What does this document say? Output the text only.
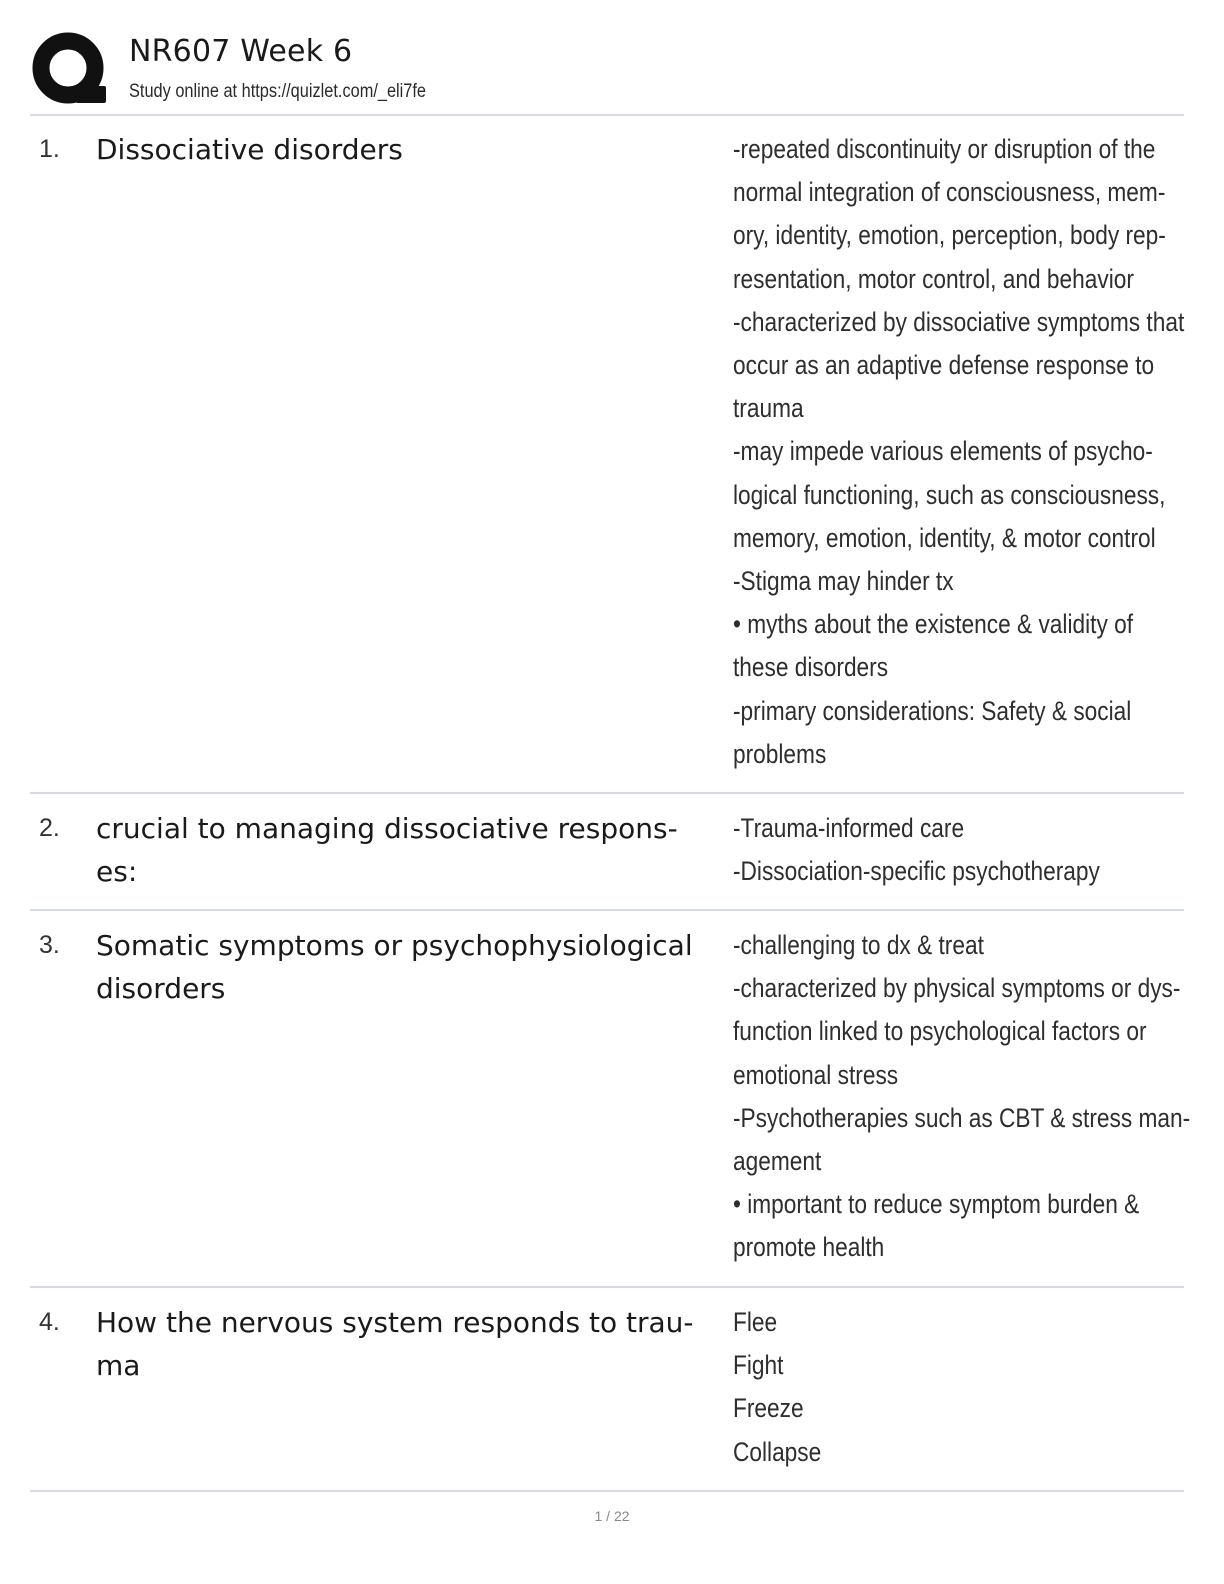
NR607 Week 6
Study online at https://quizlet.com/_eli7fe
1. Dissociative disorders	-repeated discontinuity or disruption of the
normal integration of consciousness, mem-
ory, identity, emotion, perception, body rep-
resentation, motor control, and behavior
-characterized by dissociative symptoms that
occur as an adaptive defense response to
trauma
-may impede various elements of psycho-
logical functioning, such as consciousness,
memory, emotion, identity, & motor control
-Stigma may hinder tx
• myths about the existence & validity of
these disorders
-primary considerations: Safety & social
problems
2. crucial to managing dissociative respons-
es:
-Trauma-informed care
-Dissociation-specific psychotherapy
3. Somatic symptoms or psychophysiological
disorders
-challenging to dx & treat
-characterized by physical symptoms or dys-
function linked to psychological factors or
emotional stress
-Psychotherapies such as CBT & stress man-
agement
• important to reduce symptom burden &
promote health
4. How the nervous system responds to trau-
ma
Flee
Fight
Freeze
Collapse
1 / 22
